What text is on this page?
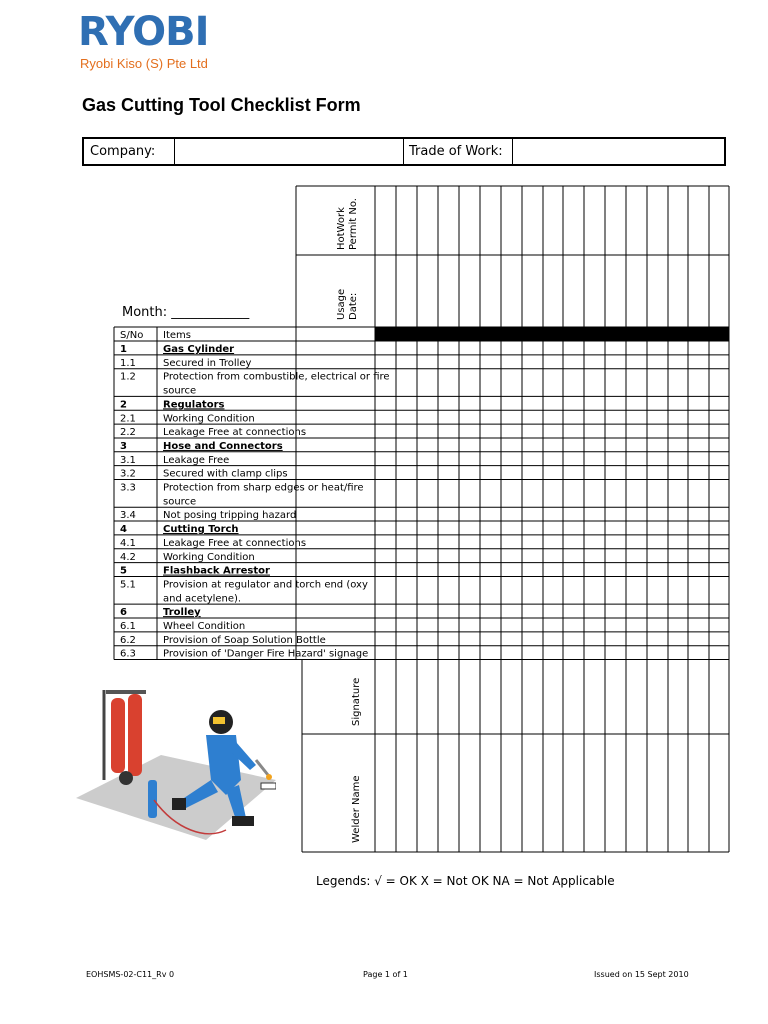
RYOBI
Ryobi Kiso (S) Pte Ltd
Gas Cutting Tool Checklist Form
Company:	Trade of Work:
Month: ____________
S/No Items
1	Gas Cylinder
1.1	Secured in Trolley
1.2	Protection from combustible, electrical or fire
source
2	Regulators
2.1	Working Condition
2.2	Leakage Free at connections
3	Hose and Connectors
3.1	Leakage Free
3.2	Secured with clamp clips
3.3	Protection from sharp edges or heat/fire
source
3.4	Not posing tripping hazard
4	Cutting Torch
4.1	Leakage Free at connections
4.2	Working Condition
5	Flashback Arrestor
5.1	Provision at regulator and torch end (oxy
and acetylene).
6	Trolley
6.1	Wheel Condition
6.2	Provision of Soap Solution Bottle
6.3	Provision of 'Danger Fire Hazard' signage
HotWork Permit No.
Usage Date:
Signature
Welder Name
Legends: √ = OK X = Not OK NA = Not Applicable
EOHSMS-02-C11_Rv 0	Page 1 of 1	Issued on 15 Sept 2010
